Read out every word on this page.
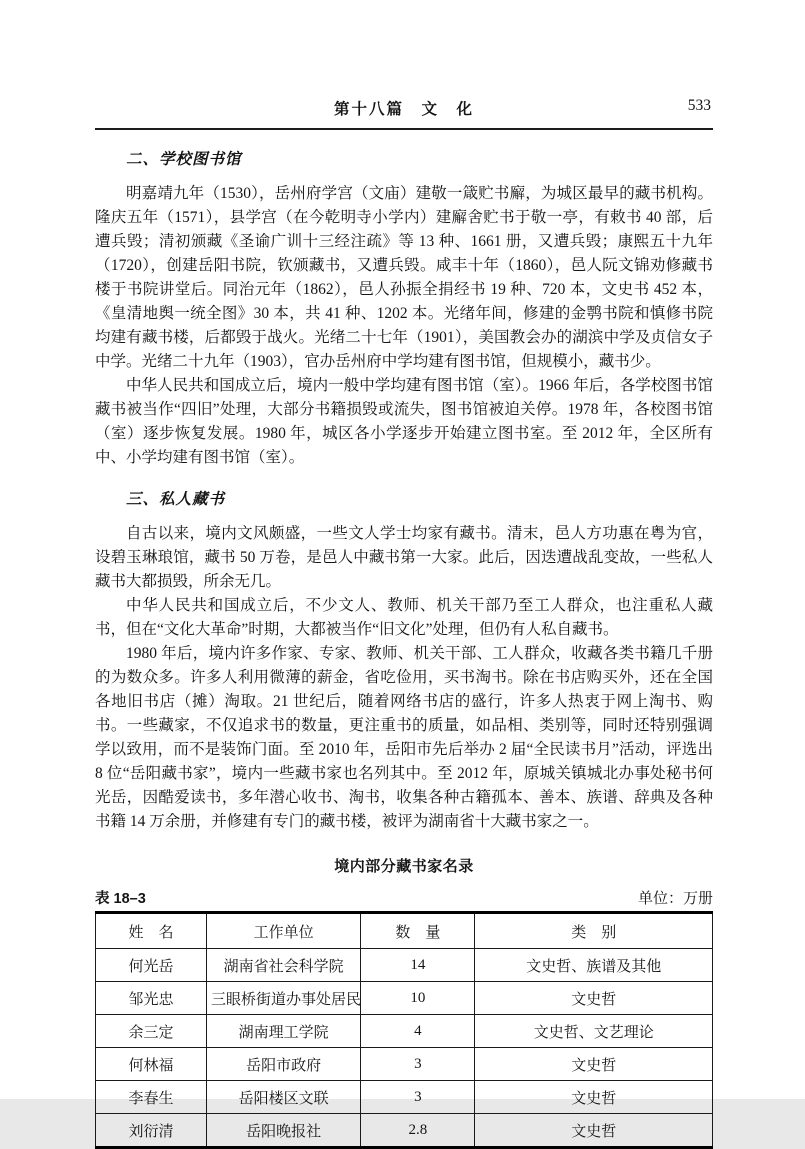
第十八篇　文　化	533
二、学校图书馆

明嘉靖九年（1530），岳州府学宫（文庙）建敬一箴贮书廨，为城区最早的藏书机构。隆庆五年（1571），县学宫（在今乾明寺小学内）建廨舍贮书于敬一亭，有敕书 40 部，后遭兵毁；清初颁藏《圣谕广训十三经注疏》等 13 种、1661 册，又遭兵毁；康熙五十九年（1720），创建岳阳书院，钦颁藏书，又遭兵毁。咸丰十年（1860），邑人阮文锦劝修藏书楼于书院讲堂后。同治元年（1862），邑人孙振全捐经书 19 种、720 本，文史书 452 本，《皇清地舆一统全图》30 本，共 41 种、1202 本。光绪年间，修建的金鹗书院和慎修书院均建有藏书楼，后都毁于战火。光绪二十七年（1901），美国教会办的湖滨中学及贞信女子中学。光绪二十九年（1903），官办岳州府中学均建有图书馆，但规模小，藏书少。

中华人民共和国成立后，境内一般中学均建有图书馆（室）。1966 年后，各学校图书馆藏书被当作“四旧”处理，大部分书籍损毁或流失，图书馆被迫关停。1978 年，各校图书馆（室）逐步恢复发展。1980 年，城区各小学逐步开始建立图书室。至 2012 年，全区所有中、小学均建有图书馆（室）。

三、私人藏书

自古以来，境内文风颇盛，一些文人学士均家有藏书。清末，邑人方功惠在粤为官，设碧玉琳琅馆，藏书 50 万卷，是邑人中藏书第一大家。此后，因迭遭战乱变故，一些私人藏书大都损毁，所余无几。

中华人民共和国成立后，不少文人、教师、机关干部乃至工人群众，也注重私人藏书，但在“文化大革命”时期，大都被当作“旧文化”处理，但仍有人私自藏书。

1980 年后，境内许多作家、专家、教师、机关干部、工人群众，收藏各类书籍几千册的为数众多。许多人利用微薄的薪金，省吃俭用，买书淘书。除在书店购买外，还在全国各地旧书店（摊）淘取。21 世纪后，随着网络书店的盛行，许多人热衷于网上淘书、购书。一些藏家，不仅追求书的数量，更注重书的质量，如品相、类别等，同时还特别强调学以致用，而不是装饰门面。至 2010 年，岳阳市先后举办 2 届“全民读书月”活动，评选出 8 位“岳阳藏书家”，境内一些藏书家也名列其中。至 2012 年，原城关镇城北办事处秘书何光岳，因酷爱读书，多年潜心收书、淘书，收集各种古籍孤本、善本、族谱、辞典及各种书籍 14 万余册，并修建有专门的藏书楼，被评为湖南省十大藏书家之一。

境内部分藏书家名录
表 18–3	单位：万册
姓　名	工作单位	数　量	类　别
何光岳	湖南省社会科学院	14	文史哲、族谱及其他
邹光忠	三眼桥街道办事处居民	10	文史哲
余三定	湖南理工学院	4	文史哲、文艺理论
何林福	岳阳市政府	3	文史哲
李春生	岳阳楼区文联	3	文史哲
刘衍清	岳阳晚报社	2.8	文史哲
